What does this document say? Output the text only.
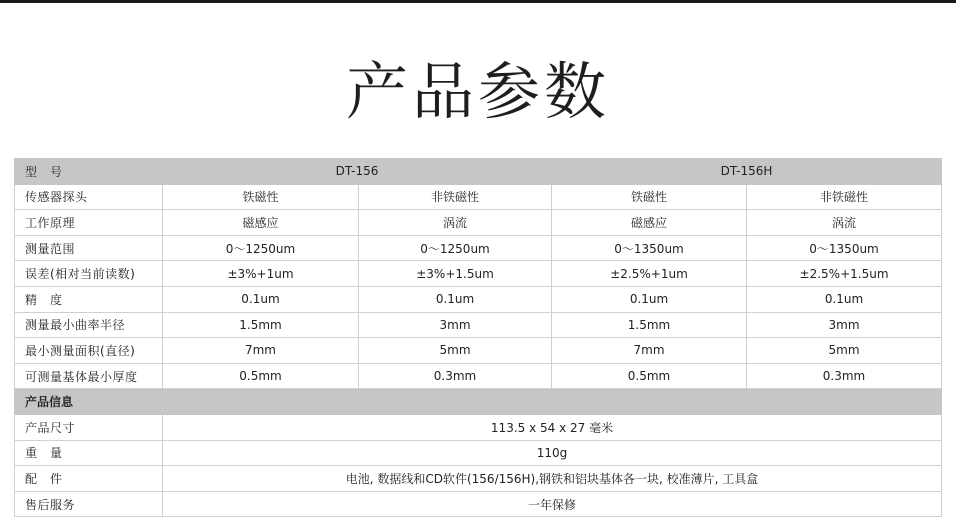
产品参数
型　号	DT-156		DT-156H	
传感器探头	铁磁性	非铁磁性	铁磁性	非铁磁性
工作原理	磁感应	涡流	磁感应	涡流
测量范围	0～1250um	0～1250um	0～1350um	0～1350um
误差(相对当前读数)	±3%+1um	±3%+1.5um	±2.5%+1um	±2.5%+1.5um
精　度	0.1um	0.1um	0.1um	0.1um
测量最小曲率半径	1.5mm	3mm	1.5mm	3mm
最小测量面积(直径)	7mm	5mm	7mm	5mm
可测量基体最小厚度	0.5mm	0.3mm	0.5mm	0.3mm
产品信息				
产品尺寸	113.5 x 54 x 27 毫米			
重　量	110g			
配　件	电池, 数据线和CD软件(156/156H),钢铁和铝块基体各一块, 校准薄片, 工具盒			
售后服务	一年保修			
